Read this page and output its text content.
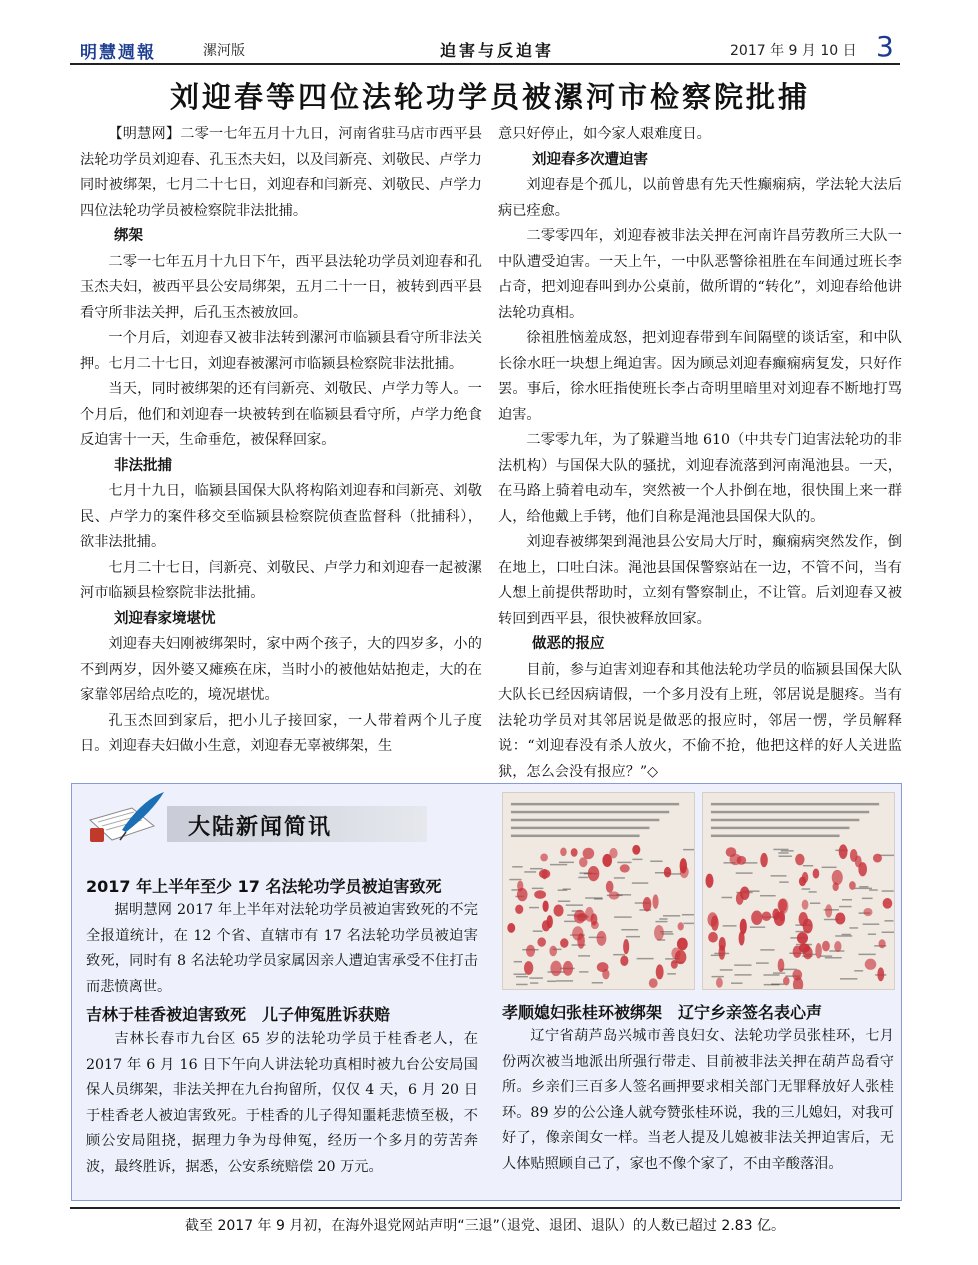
明慧週報	漯河版	迫害与反迫害	2017 年 9 月 10 日 3
刘迎春等四位法轮功学员被漯河市检察院批捕

【明慧网】二零一七年五月十九日，河南省驻马店市西平县法轮功学员刘迎春、孔玉杰夫妇，以及闫新亮、刘敬民、卢学力同时被绑架，七月二十七日，刘迎春和闫新亮、刘敬民、卢学力四位法轮功学员被检察院非法批捕。

绑架

二零一七年五月十九日下午，西平县法轮功学员刘迎春和孔玉杰夫妇，被西平县公安局绑架，五月二十一日，被转到西平县看守所非法关押，后孔玉杰被放回。

一个月后，刘迎春又被非法转到漯河市临颍县看守所非法关押。七月二十七日，刘迎春被漯河市临颍县检察院非法批捕。

当天，同时被绑架的还有闫新亮、刘敬民、卢学力等人。一个月后，他们和刘迎春一块被转到在临颍县看守所，卢学力绝食反迫害十一天，生命垂危，被保释回家。

非法批捕

七月十九日，临颍县国保大队将构陷刘迎春和闫新亮、刘敬民、卢学力的案件移交至临颍县检察院侦查监督科（批捕科），欲非法批捕。

七月二十七日，闫新亮、刘敬民、卢学力和刘迎春一起被漯河市临颍县检察院非法批捕。

刘迎春家境堪忧

刘迎春夫妇刚被绑架时，家中两个孩子，大的四岁多，小的不到两岁，因外婆又瘫痪在床，当时小的被他姑姑抱走，大的在家靠邻居给点吃的，境况堪忧。

孔玉杰回到家后，把小儿子接回家，一人带着两个儿子度日。刘迎春夫妇做小生意，刘迎春无辜被绑架，生

意只好停止，如今家人艰难度日。

刘迎春多次遭迫害

刘迎春是个孤儿，以前曾患有先天性癫痫病，学法轮大法后病已痊愈。

二零零四年，刘迎春被非法关押在河南许昌劳教所三大队一中队遭受迫害。一天上午，一中队恶警徐祖胜在车间通过班长李占奇，把刘迎春叫到办公桌前，做所谓的“转化”，刘迎春给他讲法轮功真相。

徐祖胜恼羞成怒，把刘迎春带到车间隔壁的谈话室，和中队长徐水旺一块想上绳迫害。因为顾忌刘迎春癫痫病复发，只好作罢。事后，徐水旺指使班长李占奇明里暗里对刘迎春不断地打骂迫害。

二零零九年，为了躲避当地 610（中共专门迫害法轮功的非法机构）与国保大队的骚扰，刘迎春流落到河南渑池县。一天，在马路上骑着电动车，突然被一个人扑倒在地，很快围上来一群人，给他戴上手铐，他们自称是渑池县国保大队的。

刘迎春被绑架到渑池县公安局大厅时，癫痫病突然发作，倒在地上，口吐白沫。渑池县国保警察站在一边，不管不问，当有人想上前提供帮助时，立刻有警察制止，不让管。后刘迎春又被转回到西平县，很快被释放回家。

做恶的报应

目前，参与迫害刘迎春和其他法轮功学员的临颍县国保大队大队长已经因病请假，一个多月没有上班，邻居说是腿疼。当有法轮功学员对其邻居说是做恶的报应时，邻居一愣，学员解释说：“刘迎春没有杀人放火，不偷不抢，他把这样的好人关进监狱，怎么会没有报应？”◇

大陆新闻简讯
2017 年上半年至少 17 名法轮功学员被迫害致死

据明慧网 2017 年上半年对法轮功学员被迫害致死的不完全报道统计，在 12 个省、直辖市有 17 名法轮功学员被迫害致死，同时有 8 名法轮功学员家属因亲人遭迫害承受不住打击而悲愤离世。

吉林于桂香被迫害致死　儿子伸冤胜诉获赔

吉林长春市九台区 65 岁的法轮功学员于桂香老人，在 2017 年 6 月 16 日下午向人讲法轮功真相时被九台公安局国保人员绑架，非法关押在九台拘留所，仅仅 4 天，6 月 20 日于桂香老人被迫害致死。于桂香的儿子得知噩耗悲愤至极，不顾公安局阻挠，据理力争为母伸冤，经历一个多月的劳苦奔波，最终胜诉，据悉，公安系统赔偿 20 万元。

孝顺媳妇张桂环被绑架　辽宁乡亲签名表心声

辽宁省葫芦岛兴城市善良妇女、法轮功学员张桂环，七月份两次被当地派出所强行带走、目前被非法关押在葫芦岛看守所。乡亲们三百多人签名画押要求相关部门无罪释放好人张桂环。89 岁的公公逢人就夸赞张桂环说，我的三儿媳妇，对我可好了，像亲闺女一样。当老人提及儿媳被非法关押迫害后，无人体贴照顾自己了，家也不像个家了，不由辛酸落泪。

截至 2017 年 9 月初，在海外退党网站声明“三退”（退党、退团、退队）的人数已超过 2.83 亿。
